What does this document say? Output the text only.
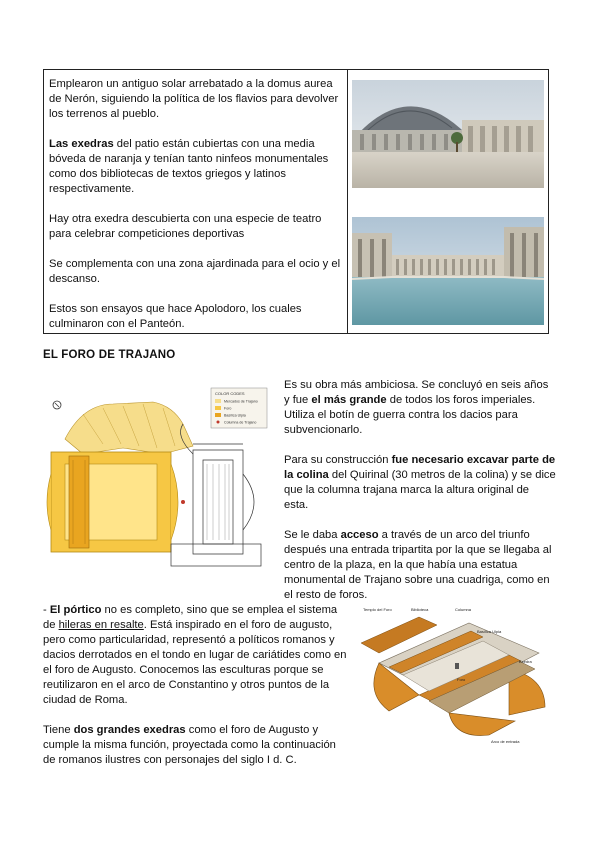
Emplearon un antiguo solar arrebatado a la domus aurea de Nerón, siguiendo la política de los flavios para devolver los terrenos al pueblo.

Las exedras del patio están cubiertas con una media bóveda de naranja y tenían tanto ninfeos monumentales como dos bibliotecas de textos griegos y latinos respectivamente.

Hay otra exedra descubierta con una especie de teatro para celebrar competiciones deportivas

Se complementa con una zona ajardinada para el ocio y el descanso.

Estos son ensayos que hace Apolodoro, los cuales culminaron con el Panteón.

EL FORO DE TRAJANO
COLOR CODES
Mercados de Trajano
Foro
Basílica Ulpia
Columna de Trajano

Es su obra más ambiciosa. Se concluyó en seis años y fue el más grande de todos los foros imperiales. Utiliza el botín de guerra contra los dacios para subvencionarlo.

Para su construcción fue necesario excavar parte de la colina del Quirinal (30 metros de la colina) y se dice que la columna trajana marca la altura original de esta.

Se le daba acceso a través de un arco del triunfo después una entrada tripartita por la que se llegaba al centro de la plaza, en la que había una estatua monumental de Trajano sobre una cuadriga, como en el resto de foros.

- El pórtico no es completo, sino que se emplea el sistema de hileras en resalte. Está inspirado en el foro de augusto, pero como particularidad, representó a políticos romanos y dacios derrotados en el tondo en lugar de cariátides como en el foro de Augusto. Conocemos las esculturas porque se reutilizaron en el arco de Constantino y otros puntos de la ciudad de Roma.

Tiene dos grandes exedras como el foro de Augusto y cumple la misma función, proyectada como la continuación de romanos ilustres con personajes del siglo I d. C.

Templo del Foro	Biblioteca	Columna
Basílica Ulpia
Exedra
Foro
Arco de entrada
